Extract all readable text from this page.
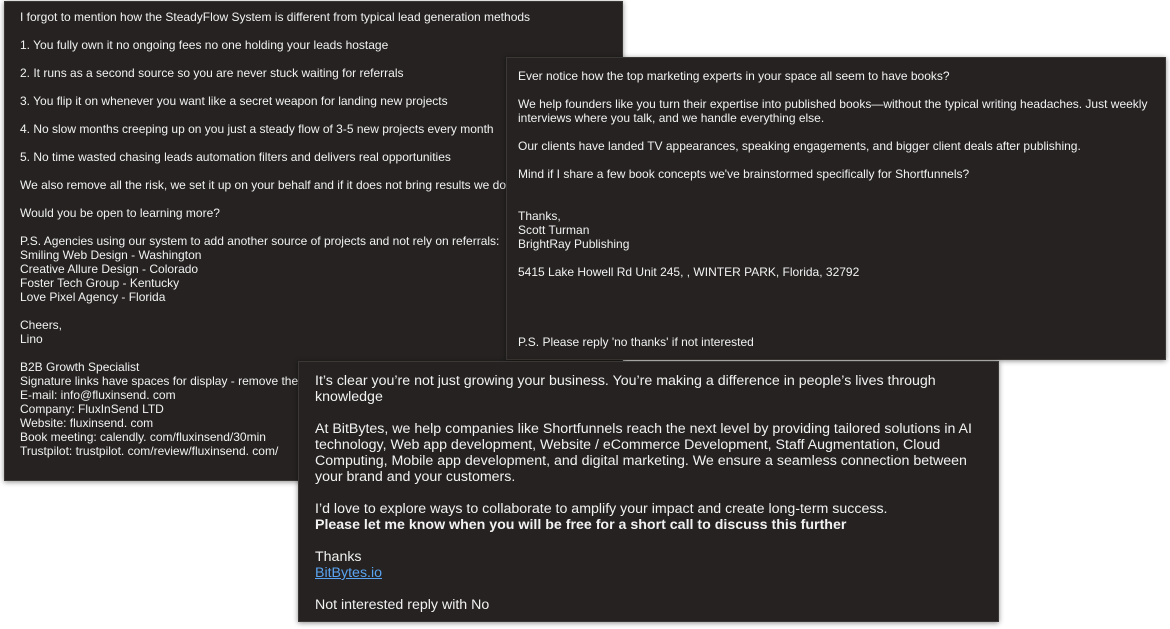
I forgot to mention how the SteadyFlow System is different from typical lead generation methods

1. You fully own it no ongoing fees no one holding your leads hostage

2. It runs as a second source so you are never stuck waiting for referrals

3. You flip it on whenever you want like a secret weapon for landing new projects

4. No slow months creeping up on you just a steady flow of 3-5 new projects every month

5. No time wasted chasing leads automation filters and delivers real opportunities

We also remove all the risk, we set it up on your behalf and if it does not bring results we do

Would you be open to learning more?

P.S. Agencies using our system to add another source of projects and not rely on referrals:

Smiling Web Design - Washington

Creative Allure Design - Colorado

Foster Tech Group - Kentucky

Love Pixel Agency - Florida

Cheers,

Lino

B2B Growth Specialist

Signature links have spaces for display - remove the

E-mail: info@fluxinsend. com

Company: FluxInSend LTD

Website: fluxinsend. com

Book meeting: calendly. com/fluxinsend/30min

Trustpilot: trustpilot. com/review/fluxinsend. com/

Ever notice how the top marketing experts in your space all seem to have books?

We help founders like you turn their expertise into published books—without the typical writing headaches. Just weekly interviews where you talk, and we handle everything else.

Our clients have landed TV appearances, speaking engagements, and bigger client deals after publishing.

Mind if I share a few book concepts we've brainstormed specifically for Shortfunnels?

Thanks,

Scott Turman

BrightRay Publishing

5415 Lake Howell Rd Unit 245, , WINTER PARK, Florida, 32792

P.S. Please reply 'no thanks' if not interested

It’s clear you’re not just growing your business. You’re making a difference in people’s lives through knowledge

At BitBytes, we help companies like Shortfunnels reach the next level by providing tailored solutions in AI technology, Web app development, Website / eCommerce Development, Staff Augmentation, Cloud Computing, Mobile app development, and digital marketing. We ensure a seamless connection between your brand and your customers.

I’d love to explore ways to collaborate to amplify your impact and create long-term success.

Please let me know when you will be free for a short call to discuss this further

Thanks

BitBytes.io

Not interested reply with No
